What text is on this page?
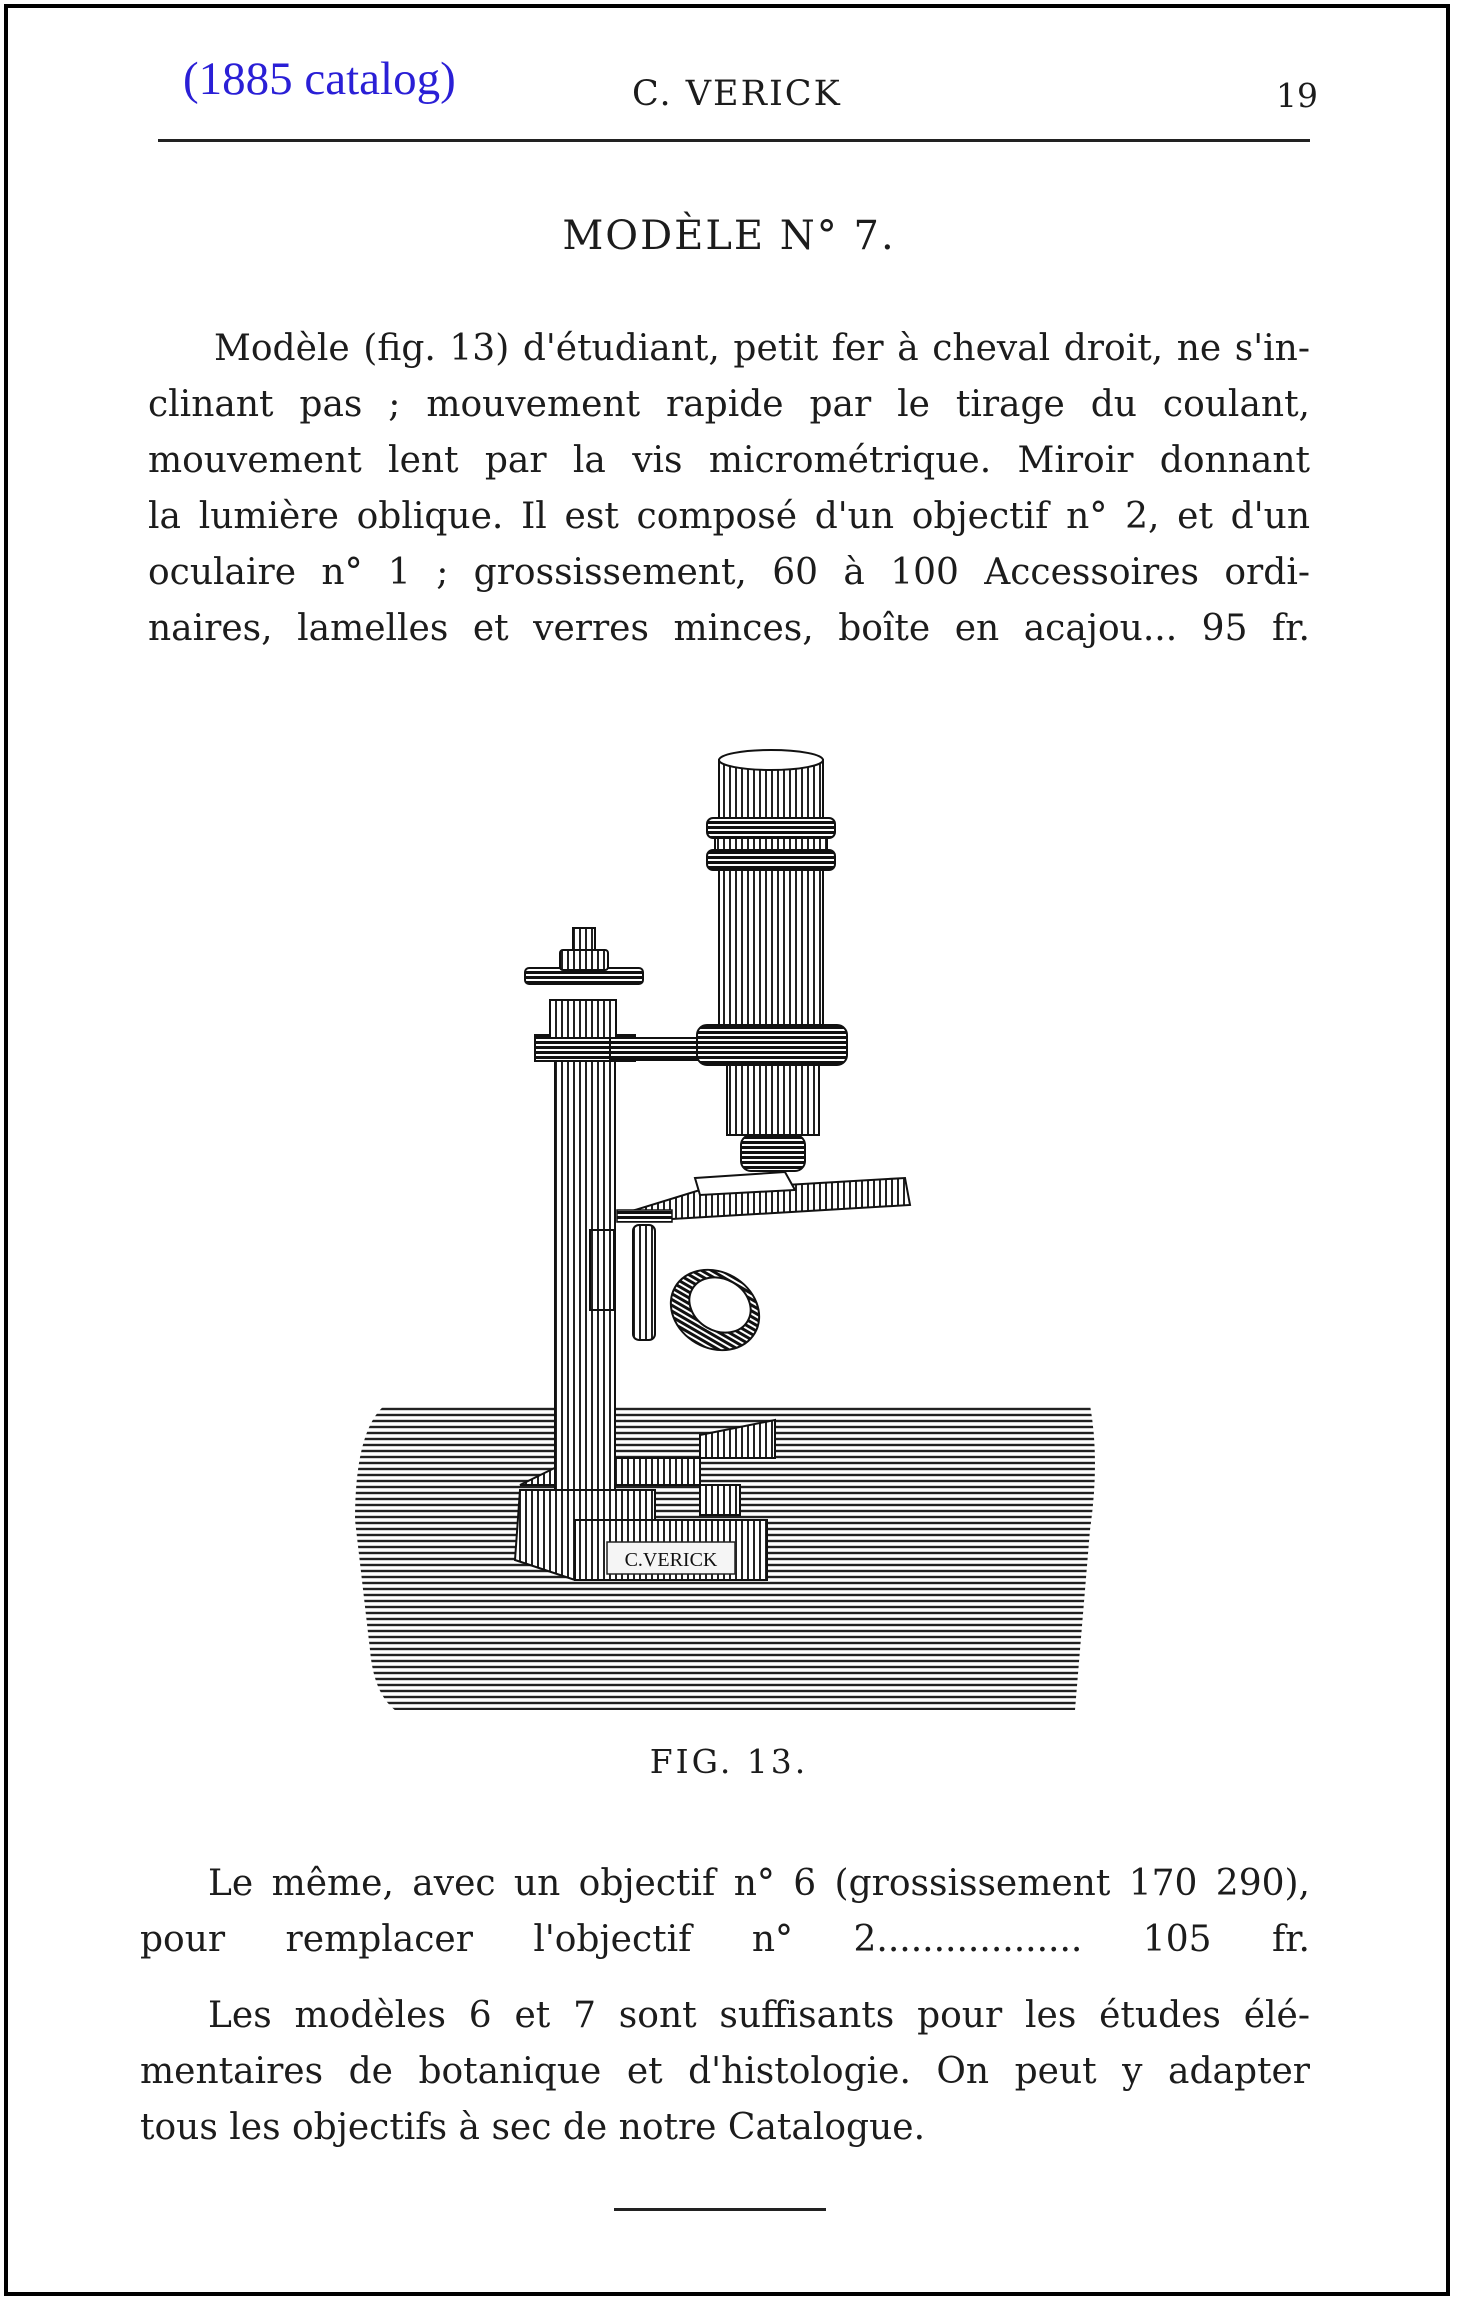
(1885 catalog)	C. VERICK	19
MODÈLE N° 7.
Modèle (fig. 13) d'étudiant, petit fer à cheval droit, ne s'in-
clinant pas ; mouvement rapide par le tirage du coulant,
mouvement lent par la vis micrométrique. Miroir donnant
la lumière oblique. Il est composé d'un objectif n° 2, et d'un
oculaire n° 1 ; grossissement, 60 à 100 Accessoires ordi-
naires, lamelles et verres minces, boîte en acajou... 95 fr.
C.VERICK
FIG. 13.
Le même, avec un objectif n° 6 (grossissement 170 290),
pour remplacer l'objectif n° 2.................. 105 fr.
Les modèles 6 et 7 sont suffisants pour les études élé-
mentaires de botanique et d'histologie. On peut y adapter
tous les objectifs à sec de notre Catalogue.
